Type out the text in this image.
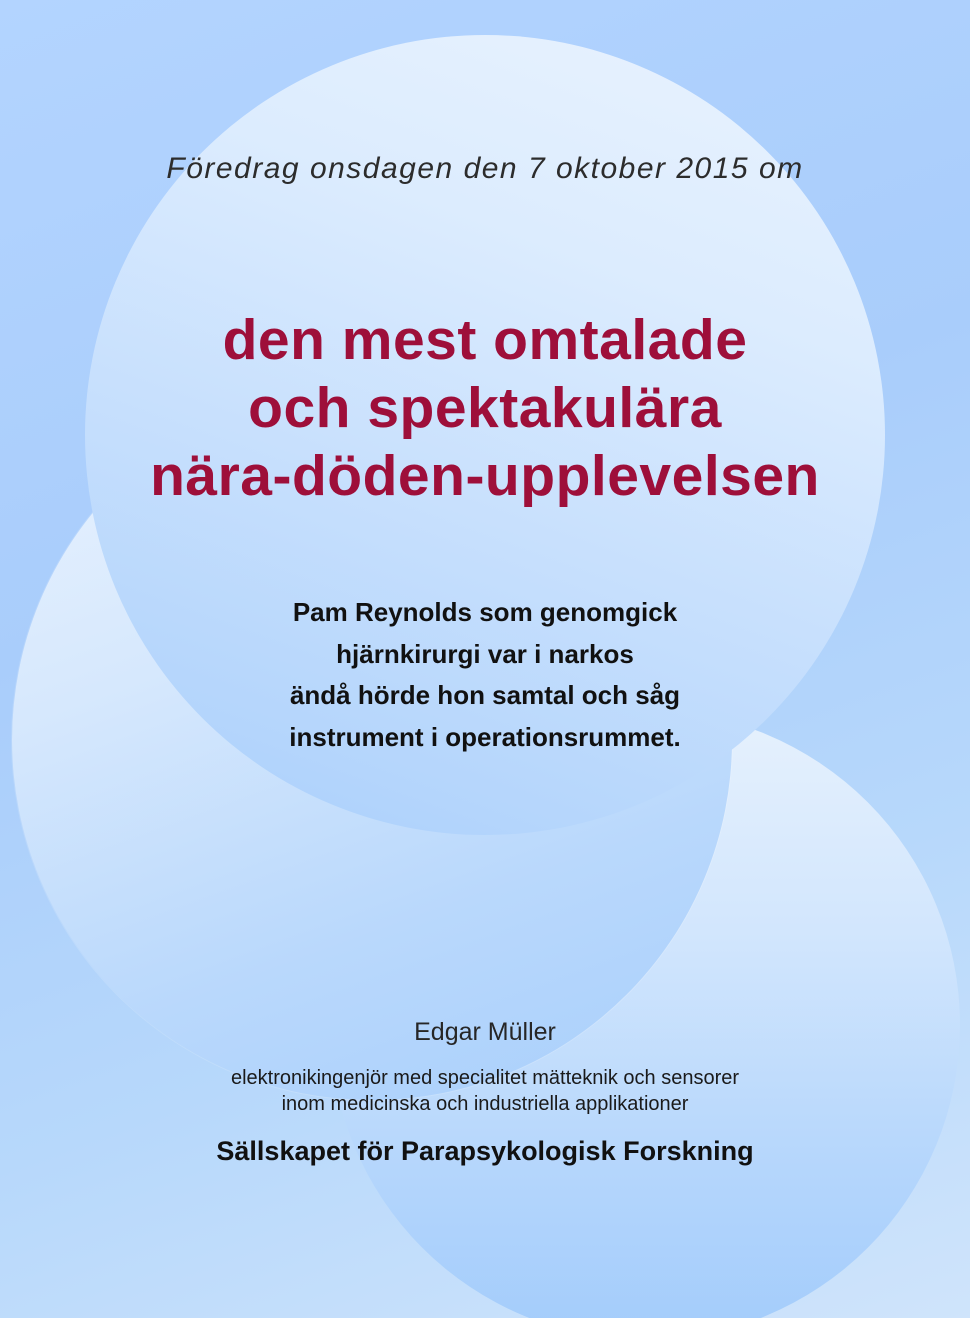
Föredrag onsdagen den 7 oktober 2015 om

den mest omtalade
och spektakulära
nära-döden-upplevelsen
Pam Reynolds som genomgick
hjärnkirurgi var i narkos
ändå hörde hon samtal och såg
instrument i operationsrummet.

Edgar Müller

elektronikingenjör med specialitet mätteknik och sensorer
inom medicinska och industriella applikationer

Sällskapet för Parapsykologisk Forskning
